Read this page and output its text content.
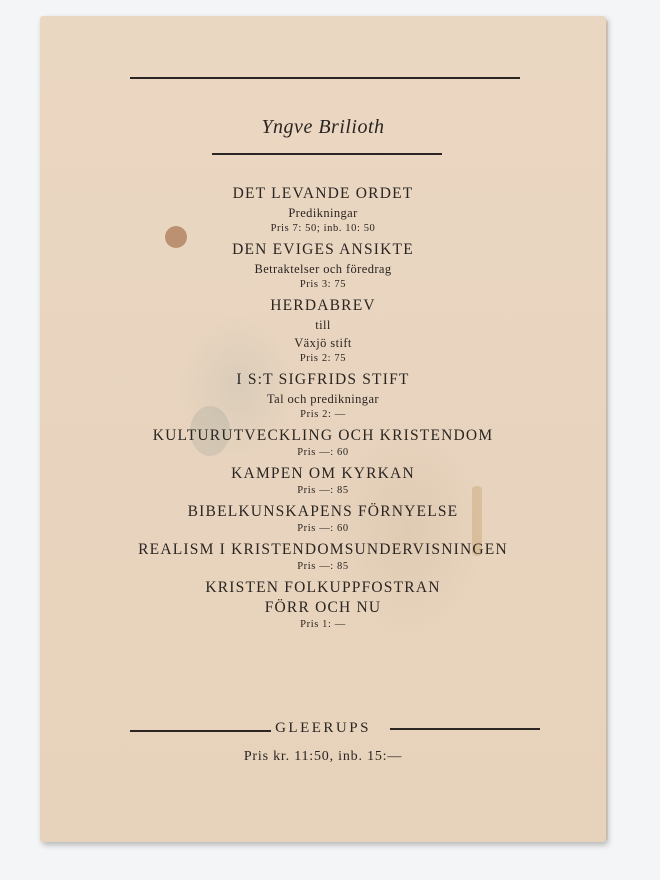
Yngve Brilioth
DET LEVANDE ORDET
Predikningar
Pris 7: 50; inb. 10: 50
DEN EVIGES ANSIKTE
Betraktelser och föredrag
Pris 3: 75
HERDABREV
till
Växjö stift
Pris 2: 75
I S:T SIGFRIDS STIFT
Tal och predikningar
Pris 2: —
KULTURUTVECKLING OCH KRISTENDOM
Pris —: 60
KAMPEN OM KYRKAN
Pris —: 85
BIBELKUNSKAPENS FÖRNYELSE
Pris —: 60
REALISM I KRISTENDOMSUNDERVISNINGEN
Pris —: 85
KRISTEN FOLKUPPFOSTRAN
FÖRR OCH NU
Pris 1: —
GLEERUPS
Pris kr. 11:50, inb. 15:—
